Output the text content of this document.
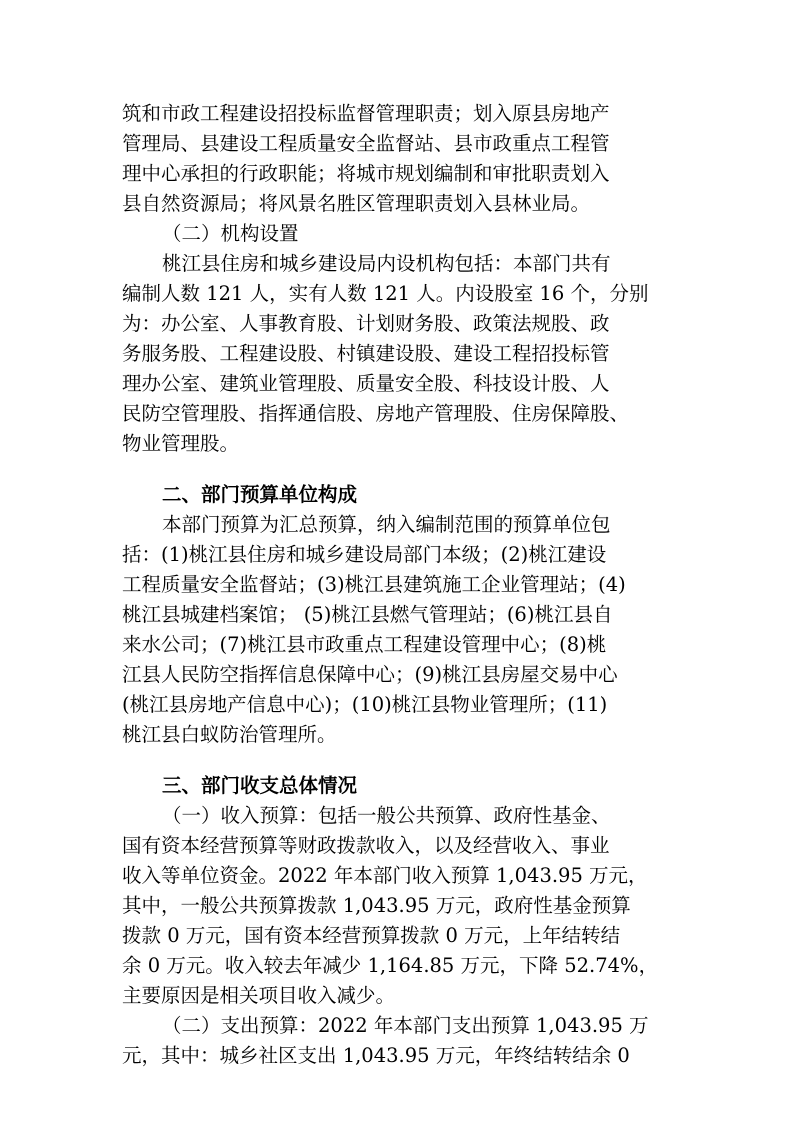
筑和市政工程建设招投标监督管理职责；划入原县房地产
管理局、县建设工程质量安全监督站、县市政重点工程管
理中心承担的行政职能；将城市规划编制和审批职责划入
县自然资源局；将风景名胜区管理职责划入县林业局。
（二）机构设置
桃江县住房和城乡建设局内设机构包括：本部门共有
编制人数 121 人，实有人数 121 人。内设股室 16 个，分别
为：办公室、人事教育股、计划财务股、政策法规股、政
务服务股、工程建设股、村镇建设股、建设工程招投标管
理办公室、建筑业管理股、质量安全股、科技设计股、人
民防空管理股、指挥通信股、房地产管理股、住房保障股、
物业管理股。
二、部门预算单位构成
本部门预算为汇总预算，纳入编制范围的预算单位包
括：(1)桃江县住房和城乡建设局部门本级；(2)桃江建设
工程质量安全监督站；(3)桃江县建筑施工企业管理站；(4)
桃江县城建档案馆； (5)桃江县燃气管理站；(6)桃江县自
来水公司；(7)桃江县市政重点工程建设管理中心；(8)桃
江县人民防空指挥信息保障中心；(9)桃江县房屋交易中心
(桃江县房地产信息中心)；(10)桃江县物业管理所；(11)
桃江县白蚁防治管理所。
三、部门收支总体情况
（一）收入预算：包括一般公共预算、政府性基金、
国有资本经营预算等财政拨款收入，以及经营收入、事业
收入等单位资金。2022 年本部门收入预算 1,043.95 万元，
其中，一般公共预算拨款 1,043.95 万元，政府性基金预算
拨款 0 万元，国有资本经营预算拨款 0 万元，上年结转结
余 0 万元。收入较去年减少 1,164.85 万元，下降 52.74%，
主要原因是相关项目收入减少。
（二）支出预算：2022 年本部门支出预算 1,043.95 万
元，其中：城乡社区支出 1,043.95 万元，年终结转结余 0
